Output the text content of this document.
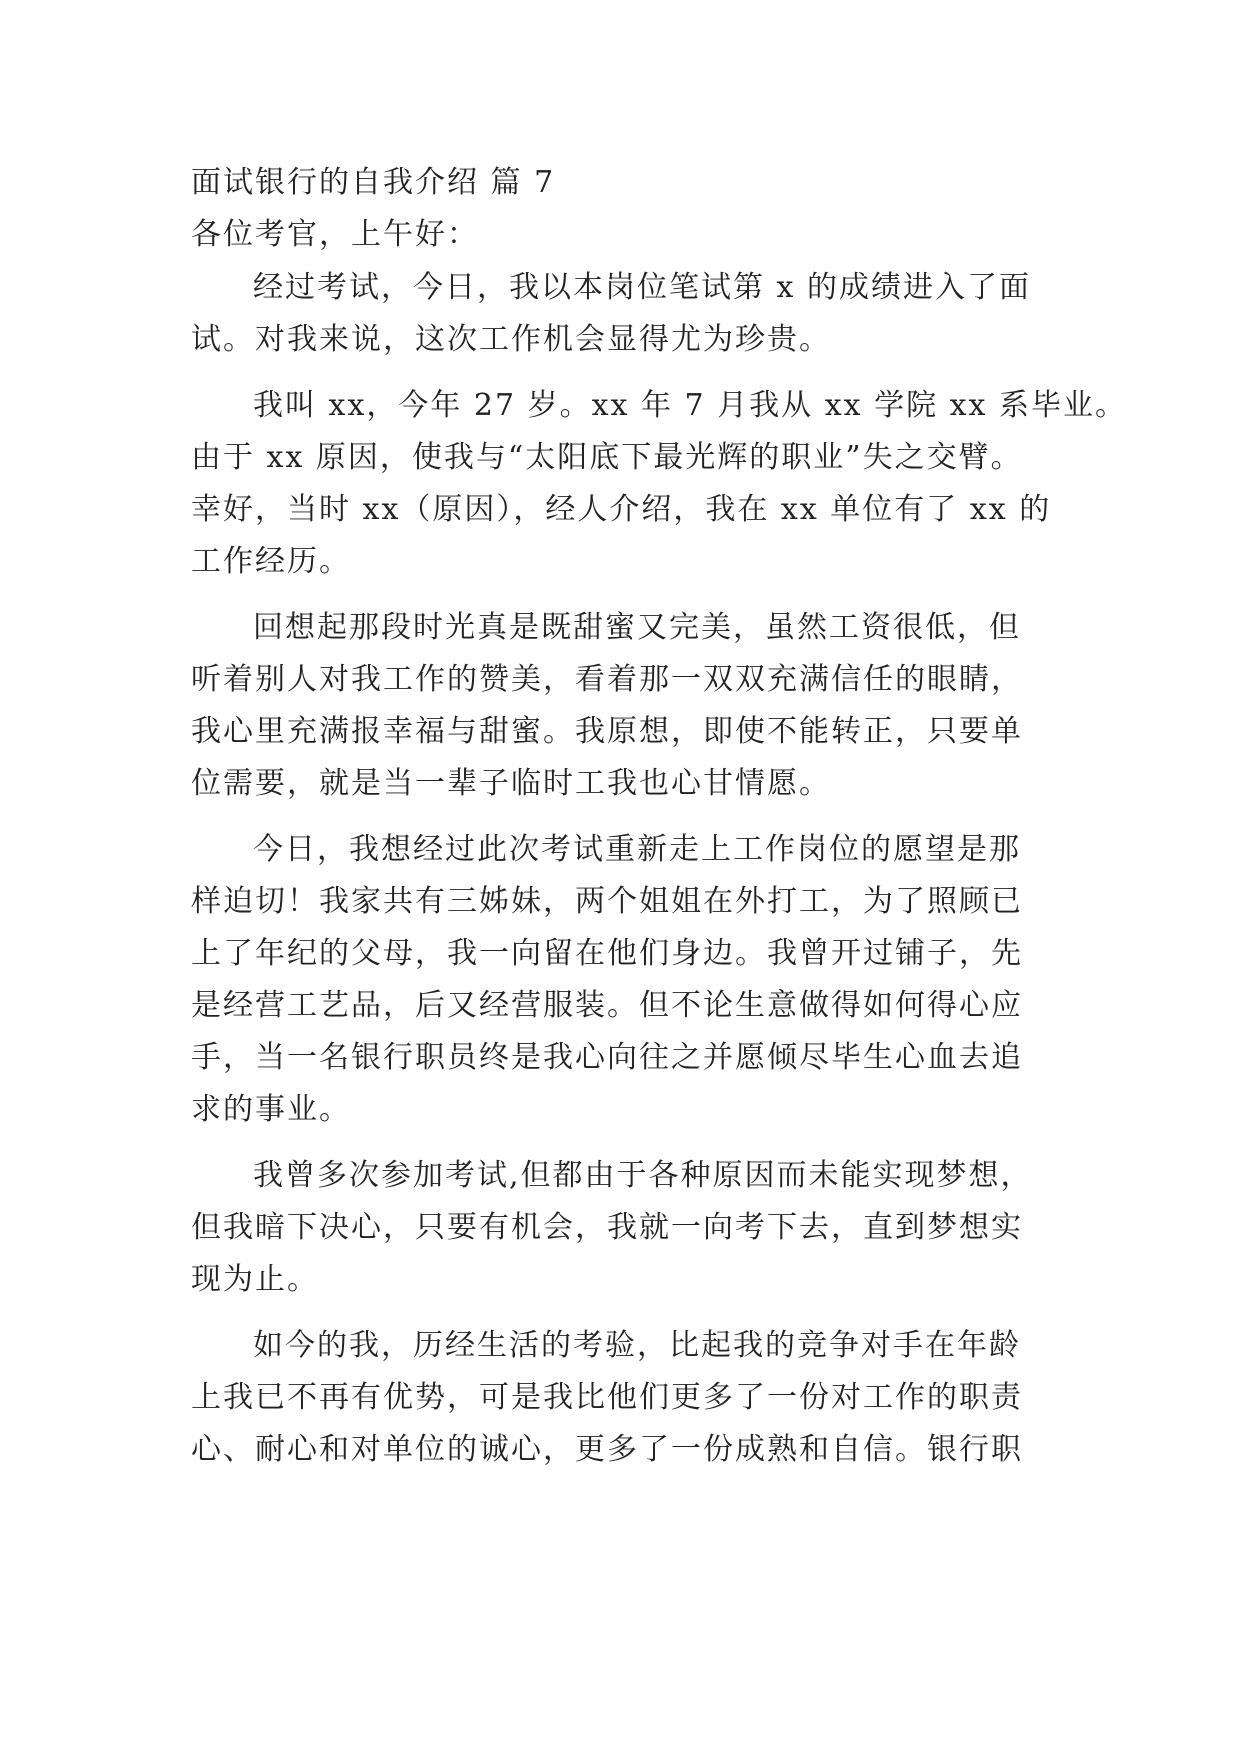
面试银行的自我介绍 篇 7
各位考官，上午好：
经过考试，今日，我以本岗位笔试第 x 的成绩进入了面
试。对我来说，这次工作机会显得尤为珍贵。
我叫 xx，今年 27 岁。xx 年 7 月我从 xx 学院 xx 系毕业。
由于 xx 原因，使我与“太阳底下最光辉的职业”失之交臂。
幸好，当时 xx（原因），经人介绍，我在 xx 单位有了 xx 的
工作经历。
回想起那段时光真是既甜蜜又完美，虽然工资很低，但
听着别人对我工作的赞美，看着那一双双充满信任的眼睛，
我心里充满报幸福与甜蜜。我原想，即使不能转正，只要单
位需要，就是当一辈子临时工我也心甘情愿。
今日，我想经过此次考试重新走上工作岗位的愿望是那
样迫切！我家共有三姊妹，两个姐姐在外打工，为了照顾已
上了年纪的父母，我一向留在他们身边。我曾开过铺子，先
是经营工艺品，后又经营服装。但不论生意做得如何得心应
手，当一名银行职员终是我心向往之并愿倾尽毕生心血去追
求的事业。
我曾多次参加考试,但都由于各种原因而未能实现梦想，
但我暗下决心，只要有机会，我就一向考下去，直到梦想实
现为止。
如今的我，历经生活的考验，比起我的竞争对手在年龄
上我已不再有优势，可是我比他们更多了一份对工作的职责
心、耐心和对单位的诚心，更多了一份成熟和自信。银行职
